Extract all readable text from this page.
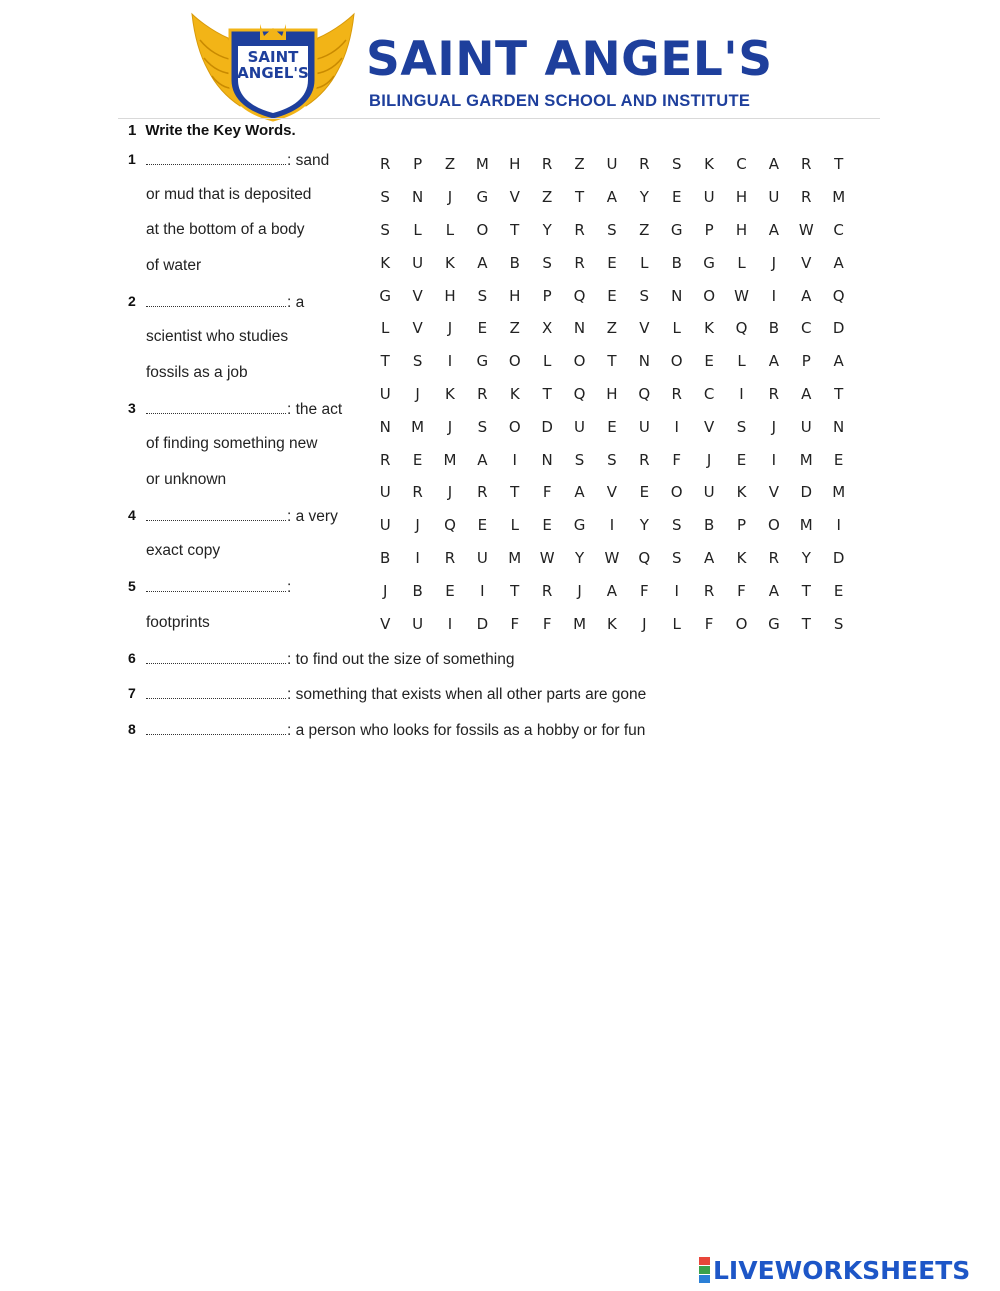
SAINT
ANGEL'S	SAINT ANGEL'S
BILINGUAL GARDEN SCHOOL AND INSTITUTE
1 Write the Key Words.
1	: sand
or mud that is deposited
at the bottom of a body
of water
2	: a
scientist who studies
fossils as a job
3	: the act
of finding something new
or unknown
4	: a very
exact copy
5	:
footprints
6	: to find out the size of something
7	: something that exists when all other parts are gone
8	: a person who looks for fossils as a hobby or for fun
R	P	Z	M	H	R	Z	U	R	S	K	C	A	R	T
S	N	J	G	V	Z	T	A	Y	E	U	H	U	R	M
S	L	L	O	T	Y	R	S	Z	G	P	H	A	W	C
K	U	K	A	B	S	R	E	L	B	G	L	J	V	A
G	V	H	S	H	P	Q	E	S	N	O	W	I	A	Q
L	V	J	E	Z	X	N	Z	V	L	K	Q	B	C	D
T	S	I	G	O	L	O	T	N	O	E	L	A	P	A
U	J	K	R	K	T	Q	H	Q	R	C	I	R	A	T
N	M	J	S	O	D	U	E	U	I	V	S	J	U	N
R	E	M	A	I	N	S	S	R	F	J	E	I	M	E
U	R	J	R	T	F	A	V	E	O	U	K	V	D	M
U	J	Q	E	L	E	G	I	Y	S	B	P	O	M	I
B	I	R	U	M	W	Y	W	Q	S	A	K	R	Y	D
J	B	E	I	T	R	J	A	F	I	R	F	A	T	E
V	U	I	D	F	F	M	K	J	L	F	O	G	T	S
LIVEWORKSHEETS
